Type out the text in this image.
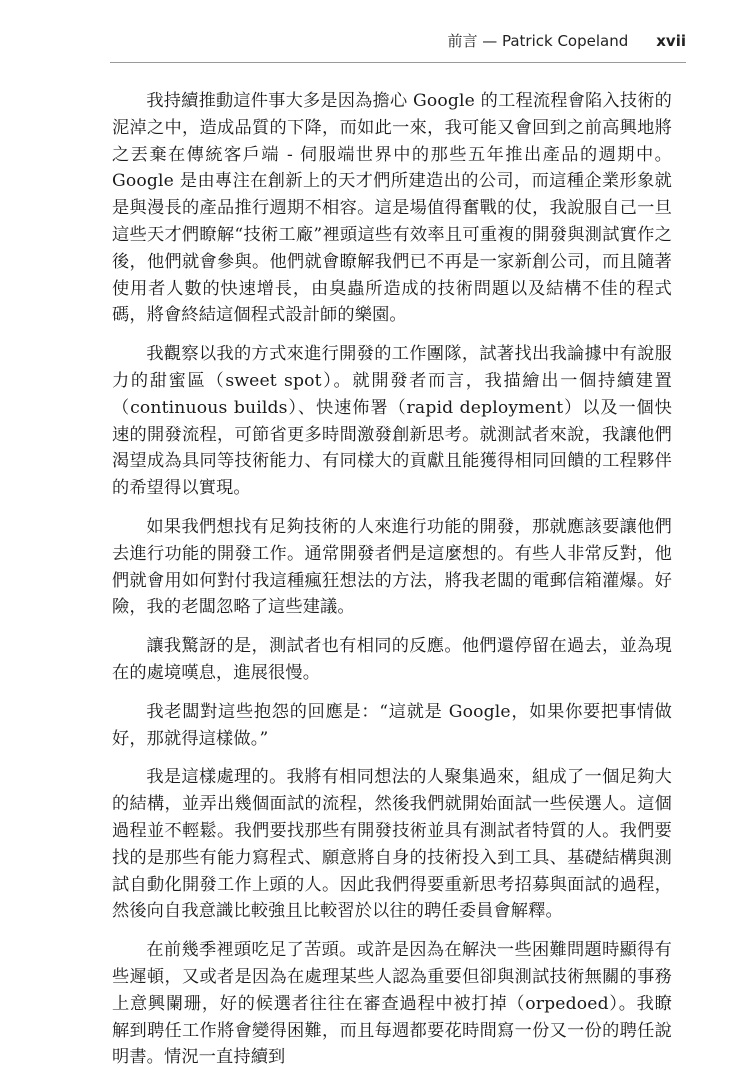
前言 — Patrick Copeland xvii

我持續推動這件事大多是因為擔心 Google 的工程流程會陷入技術的泥淖之中，造成品質的下降，而如此一來，我可能又會回到之前高興地將之丟棄在傳統客戶端 - 伺服端世界中的那些五年推出產品的週期中。Google 是由專注在創新上的天才們所建造出的公司，而這種企業形象就是與漫長的產品推行週期不相容。這是場值得奮戰的仗，我說服自己一旦這些天才們瞭解“技術工廠”裡頭這些有效率且可重複的開發與測試實作之後，他們就會參與。他們就會瞭解我們已不再是一家新創公司，而且隨著使用者人數的快速增長，由臭蟲所造成的技術問題以及結構不佳的程式碼，將會終結這個程式設計師的樂園。

我觀察以我的方式來進行開發的工作團隊，試著找出我論據中有說服力的甜蜜區（sweet spot）。就開發者而言，我描繪出一個持續建置（continuous builds）、快速佈署（rapid deployment）以及一個快速的開發流程，可節省更多時間激發創新思考。就測試者來說，我讓他們渴望成為具同等技術能力、有同樣大的貢獻且能獲得相同回饋的工程夥伴的希望得以實現。

如果我們想找有足夠技術的人來進行功能的開發，那就應該要讓他們去進行功能的開發工作。通常開發者們是這麼想的。有些人非常反對，他們就會用如何對付我這種瘋狂想法的方法，將我老闆的電郵信箱灌爆。好險，我的老闆忽略了這些建議。

讓我驚訝的是，測試者也有相同的反應。他們還停留在過去，並為現在的處境嘆息，進展很慢。

我老闆對這些抱怨的回應是：“這就是 Google，如果你要把事情做好，那就得這樣做。”

我是這樣處理的。我將有相同想法的人聚集過來，組成了一個足夠大的結構，並弄出幾個面試的流程，然後我們就開始面試一些侯選人。這個過程並不輕鬆。我們要找那些有開發技術並具有測試者特質的人。我們要找的是那些有能力寫程式、願意將自身的技術投入到工具、基礎結構與測試自動化開發工作上頭的人。因此我們得要重新思考招募與面試的過程，然後向自我意識比較強且比較習於以往的聘任委員會解釋。

在前幾季裡頭吃足了苦頭。或許是因為在解決一些困難問題時顯得有些遲頓，又或者是因為在處理某些人認為重要但卻與測試技術無關的事務上意興闌珊，好的候選者往往在審查過程中被打掉（orpedoed）。我瞭解到聘任工作將會變得困難，而且每週都要花時間寫一份又一份的聘任說明書。情況一直持續到
